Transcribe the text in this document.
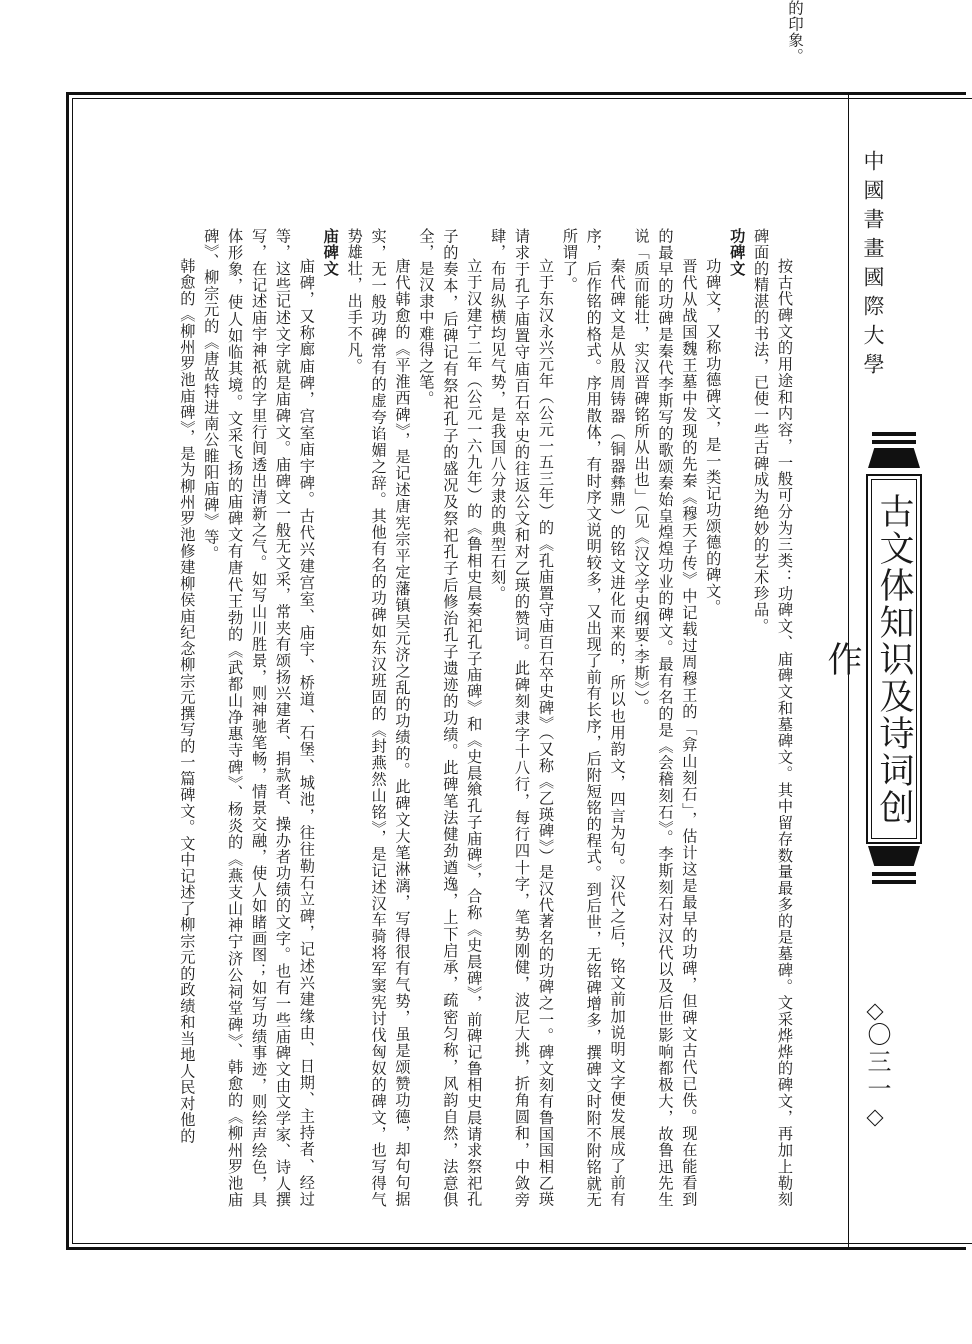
的印象。
中國書畫國際大學
古文体知识及诗词创作
〇三一

按古代碑文的用途和内容，一般可分为三类：功碑文、庙碑文和墓碑文。其中留存数量最多的是墓碑。文采烨烨的碑文，再加上勒刻碑面的精湛的书法，已使一些古碑成为绝妙的艺术珍品。

功碑文

功碑文，又称功德碑文，是一类记功颂德的碑文。

晋代从战国魏王墓中发现的先秦《穆天子传》中记载过周穆王的「弇山刻石」，估计这是最早的功碑，但碑文古代已佚。现在能看到的最早的功碑是秦代李斯写的歌颂秦始皇煌煌功业的碑文。最有名的是《会稽刻石》。李斯刻石对汉代以及后世影响都极大，故鲁迅先生说「质而能壮，实汉晋碑铭所从出也」（见《汉文学史纲要·李斯》）。

秦代碑文是从殷周铸器（铜器彝鼎）的铭文进化而来的，所以也用韵文，四言为句。汉代之后，铭文前加说明文字便发展成了前有序，后作铭的格式。序用散体，有时序文说明较多，又出现了前有长序，后附短铭的程式。到后世，无铭碑增多，撰碑文时附不附铭就无所谓了。

立于东汉永兴元年（公元一五三年）的《孔庙置守庙百石卒史碑》（又称《乙瑛碑》）是汉代著名的功碑之一。碑文刻有鲁国国相乙瑛请求于孔子庙置守庙百石卒史的往返公文和对乙瑛的赞词。此碑刻隶字十八行，每行四十字，笔势刚健，波尼大挑，折角圆和，中敛旁肆，布局纵横均见气势，是我国八分隶的典型石刻。

立于汉建宁二年（公元一六九年）的《鲁相史晨奏祀孔子庙碑》和《史晨飨孔子庙碑》，合称《史晨碑》，前碑记鲁相史晨请求祭祀孔子的奏本，后碑记有祭祀孔子的盛况及祭祀孔子后修治孔子遗迹的功绩。此碑笔法健劲遒逸，上下启承，疏密匀称，风韵自然，法意俱全，是汉隶中难得之笔。

唐代韩愈的《平淮西碑》，是记述唐宪宗平定藩镇吴元济之乱的功绩的。此碑文大笔淋漓，写得很有气势，虽是颂赞功德，却句句据实，无一般功碑常有的虚夸谄媚之辞。其他有名的功碑如东汉班固的《封燕然山铭》，是记述汉车骑将军窦宪讨伐匈奴的碑文，也写得气势雄壮，出手不凡。

庙碑文

庙碑，又称廊庙碑，宫室庙宇碑。古代兴建宫室、庙宇、桥道、石堡、城池，往往勒石立碑，记述兴建缘由、日期、主持者、经过等，这些记述文字就是庙碑文。庙碑文一般无文采，常夹有颂扬兴建者、捐款者、操办者功绩的文字。也有一些庙碑文由文学家、诗人撰写，在记述庙宇神祇的字里行间透出清新之气。如写山川胜景，则神驰笔畅，情景交融，使人如睹画图；如写功绩事迹，则绘声绘色，具体形象，使人如临其境。文采飞扬的庙碑文有唐代王勃的《武都山净惠寺碑》、杨炎的《燕支山神宁济公祠堂碑》、韩愈的《柳州罗池庙碑》、柳宗元的《唐故特进南公睢阳庙碑》等。

韩愈的《柳州罗池庙碑》，是为柳州罗池修建柳侯庙纪念柳宗元撰写的一篇碑文。文中记述了柳宗元的政绩和当地人民对他的
